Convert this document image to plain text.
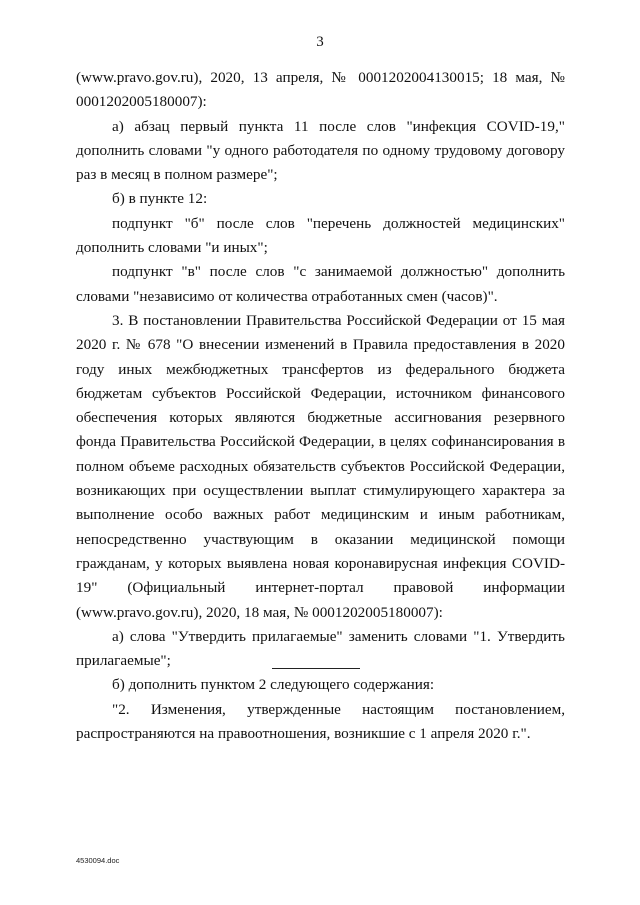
3

(www.pravo.gov.ru), 2020, 13 апреля, № 0001202004130015; 18 мая, № 0001202005180007):

а) абзац первый пункта 11 после слов "инфекция COVID-19," дополнить словами "у одного работодателя по одному трудовому договору раз в месяц в полном размере";

б) в пункте 12:

подпункт "б" после слов "перечень должностей медицинских" дополнить словами "и иных";

подпункт "в" после слов "с занимаемой должностью" дополнить словами "независимо от количества отработанных смен (часов)".

3. В постановлении Правительства Российской Федерации от 15 мая 2020 г. № 678 "О внесении изменений в Правила предоставления в 2020 году иных межбюджетных трансфертов из федерального бюджета бюджетам субъектов Российской Федерации, источником финансового обеспечения которых являются бюджетные ассигнования резервного фонда Правительства Российской Федерации, в целях софинансирования в полном объеме расходных обязательств субъектов Российской Федерации, возникающих при осуществлении выплат стимулирующего характера за выполнение особо важных работ медицинским и иным работникам, непосредственно участвующим в оказании медицинской помощи гражданам, у которых выявлена новая коронавирусная инфекция COVID-19" (Официальный интернет-портал правовой информации (www.pravo.gov.ru), 2020, 18 мая, № 0001202005180007):

а) слова "Утвердить прилагаемые" заменить словами "1. Утвердить прилагаемые";

б) дополнить пунктом 2 следующего содержания:

"2. Изменения, утвержденные настоящим постановлением, распространяются на правоотношения, возникшие с 1 апреля 2020 г.".

4530094.doc
